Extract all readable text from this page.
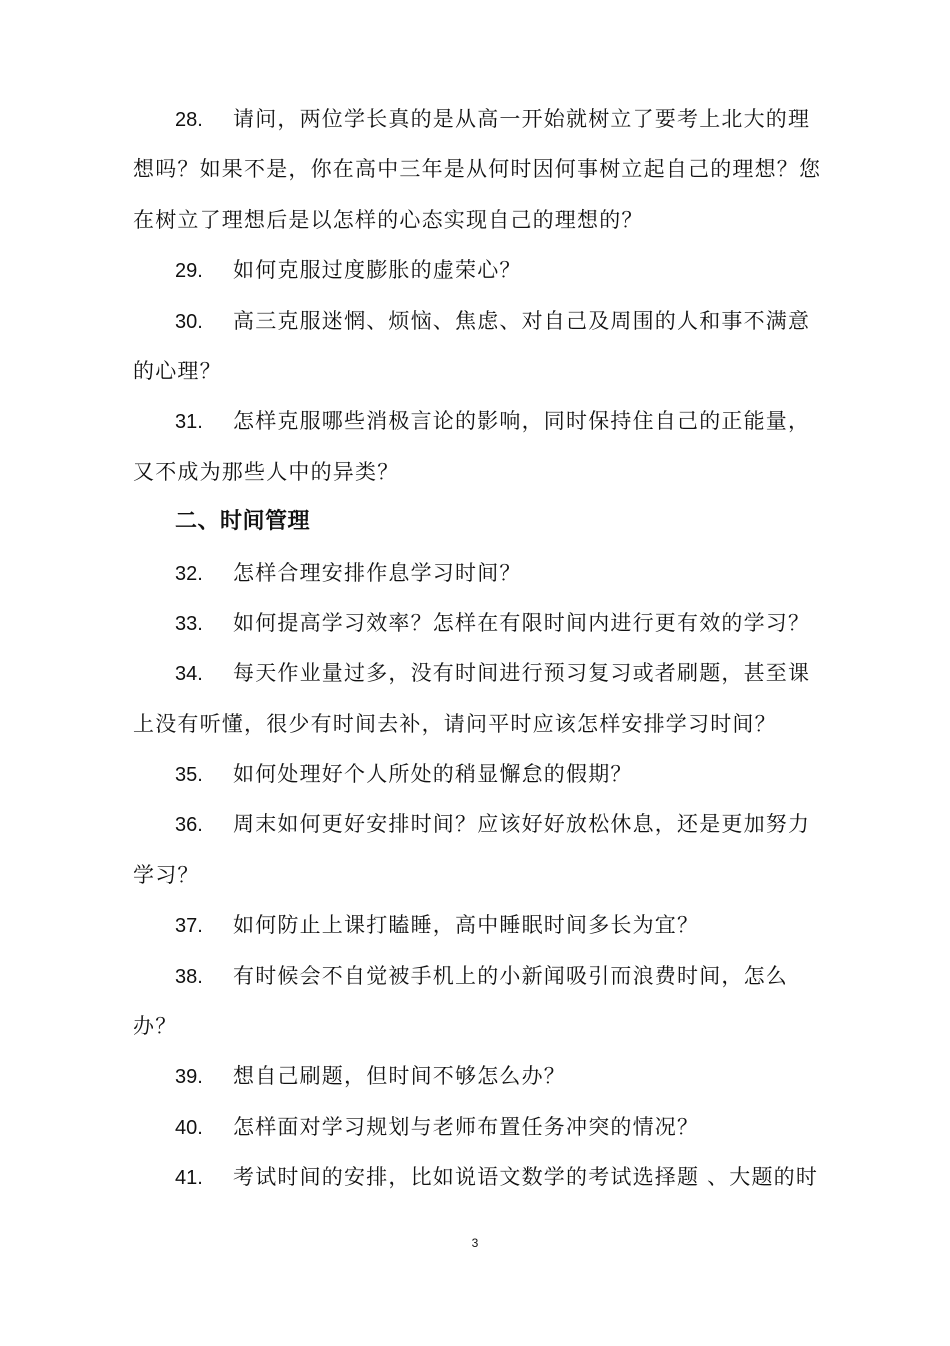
28. 请问，两位学长真的是从高一开始就树立了要考上北大的理
想吗？如果不是，你在高中三年是从何时因何事树立起自己的理想？您
在树立了理想后是以怎样的心态实现自己的理想的？
29. 如何克服过度膨胀的虚荣心？
30. 高三克服迷惘、烦恼、焦虑、对自己及周围的人和事不满意
的心理？
31. 怎样克服哪些消极言论的影响，同时保持住自己的正能量，
又不成为那些人中的异类？
二、时间管理
32. 怎样合理安排作息学习时间？
33. 如何提高学习效率？怎样在有限时间内进行更有效的学习？
34. 每天作业量过多，没有时间进行预习复习或者刷题，甚至课
上没有听懂，很少有时间去补，请问平时应该怎样安排学习时间？
35. 如何处理好个人所处的稍显懈怠的假期？
36. 周末如何更好安排时间？应该好好放松休息，还是更加努力
学习？
37. 如何防止上课打瞌睡，高中睡眠时间多长为宜？
38. 有时候会不自觉被手机上的小新闻吸引而浪费时间，怎么
办？
39. 想自己刷题，但时间不够怎么办？
40. 怎样面对学习规划与老师布置任务冲突的情况？
41. 考试时间的安排，比如说语文数学的考试选择题 、大题的时
3
